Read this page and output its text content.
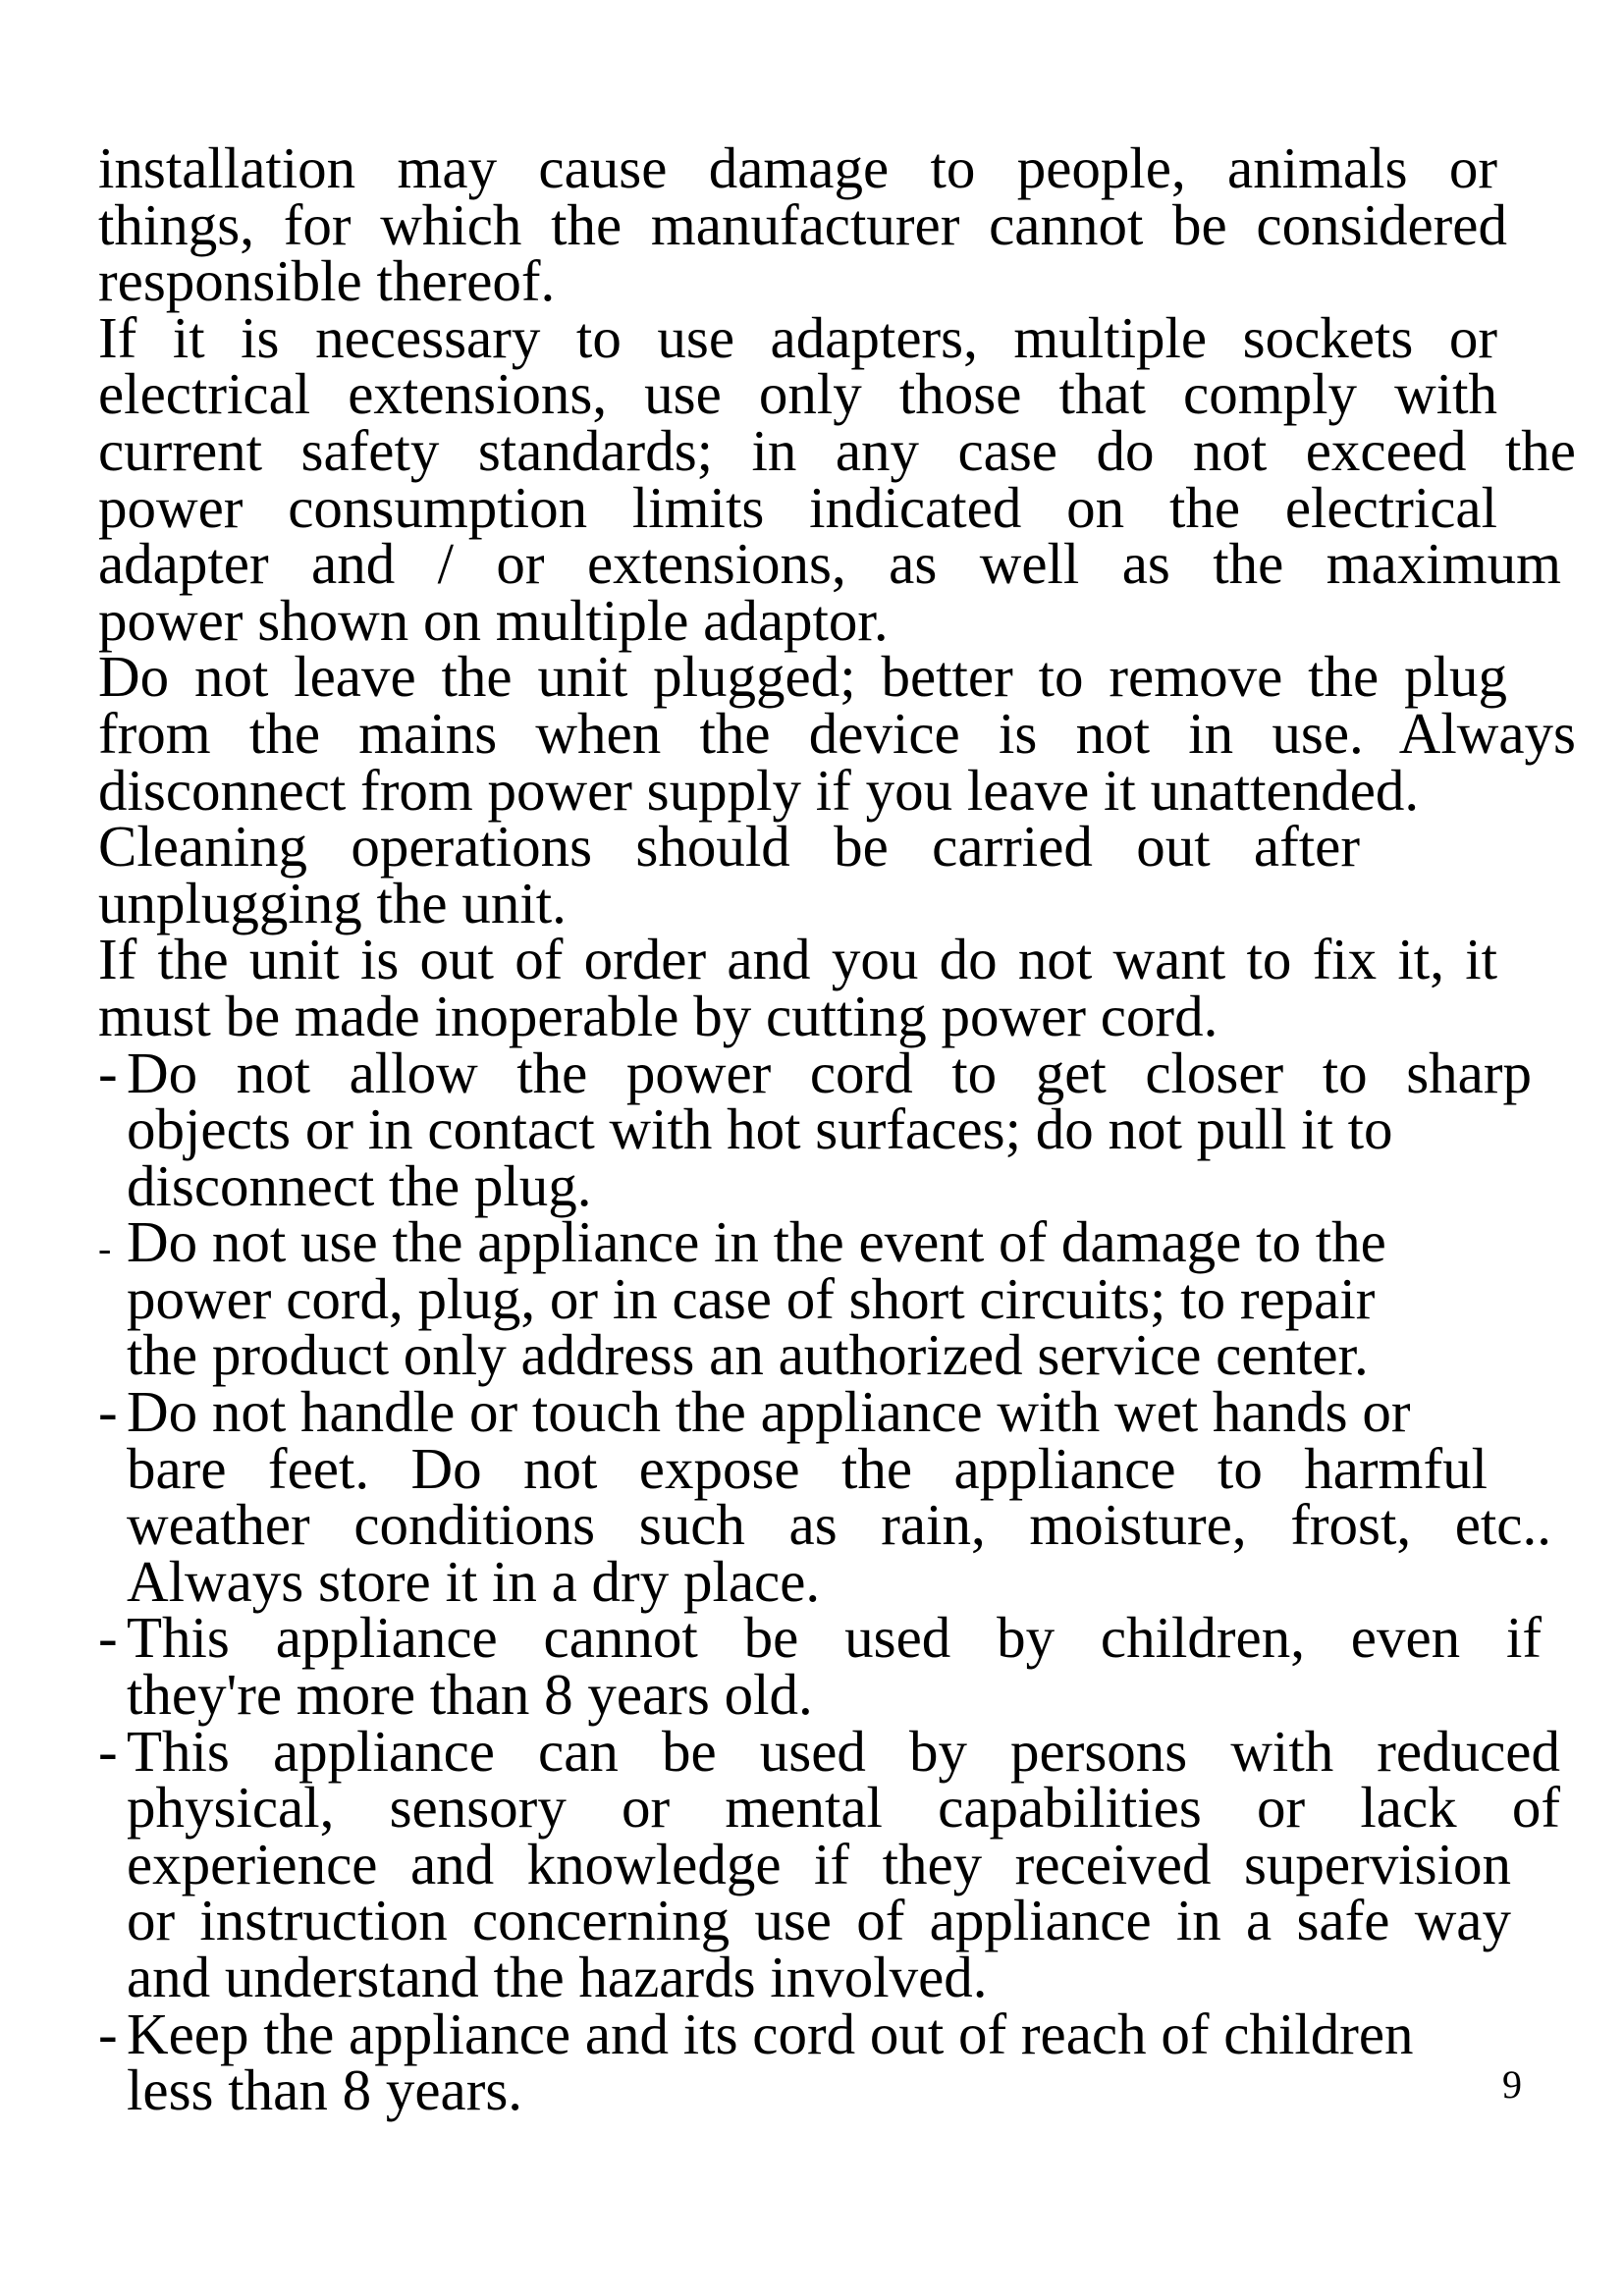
installation may cause damage to people, animals or
things, for which the manufacturer cannot be considered
responsible thereof.
If it is necessary to use adapters, multiple sockets or
electrical extensions, use only those that comply with
current safety standards; in any case do not exceed the
power consumption limits indicated on the electrical
adapter and / or extensions, as well as the maximum
power shown on multiple adaptor.
Do not leave the unit plugged; better to remove the plug
from the mains when the device is not in use. Always
disconnect from power supply if you leave it unattended.
Cleaning operations should be carried out after
unplugging the unit.
If the unit is out of order and you do not want to fix it, it
must be made inoperable by cutting power cord.
- Do not allow the power cord to get closer to sharp
objects or in contact with hot surfaces; do not pull it to
disconnect the plug.
- Do not use the appliance in the event of damage to the
power cord, plug, or in case of short circuits; to repair
the product only address an authorized service center.
- Do not handle or touch the appliance with wet hands or
bare feet. Do not expose the appliance to harmful
weather conditions such as rain, moisture, frost, etc..
Always store it in a dry place.
- This appliance cannot be used by children, even if
they're more than 8 years old.
- This appliance can be used by persons with reduced
physical, sensory or mental capabilities or lack of
experience and knowledge if they received supervision
or instruction concerning use of appliance in a safe way
and understand the hazards involved.
- Keep the appliance and its cord out of reach of children
less than 8 years.	9
